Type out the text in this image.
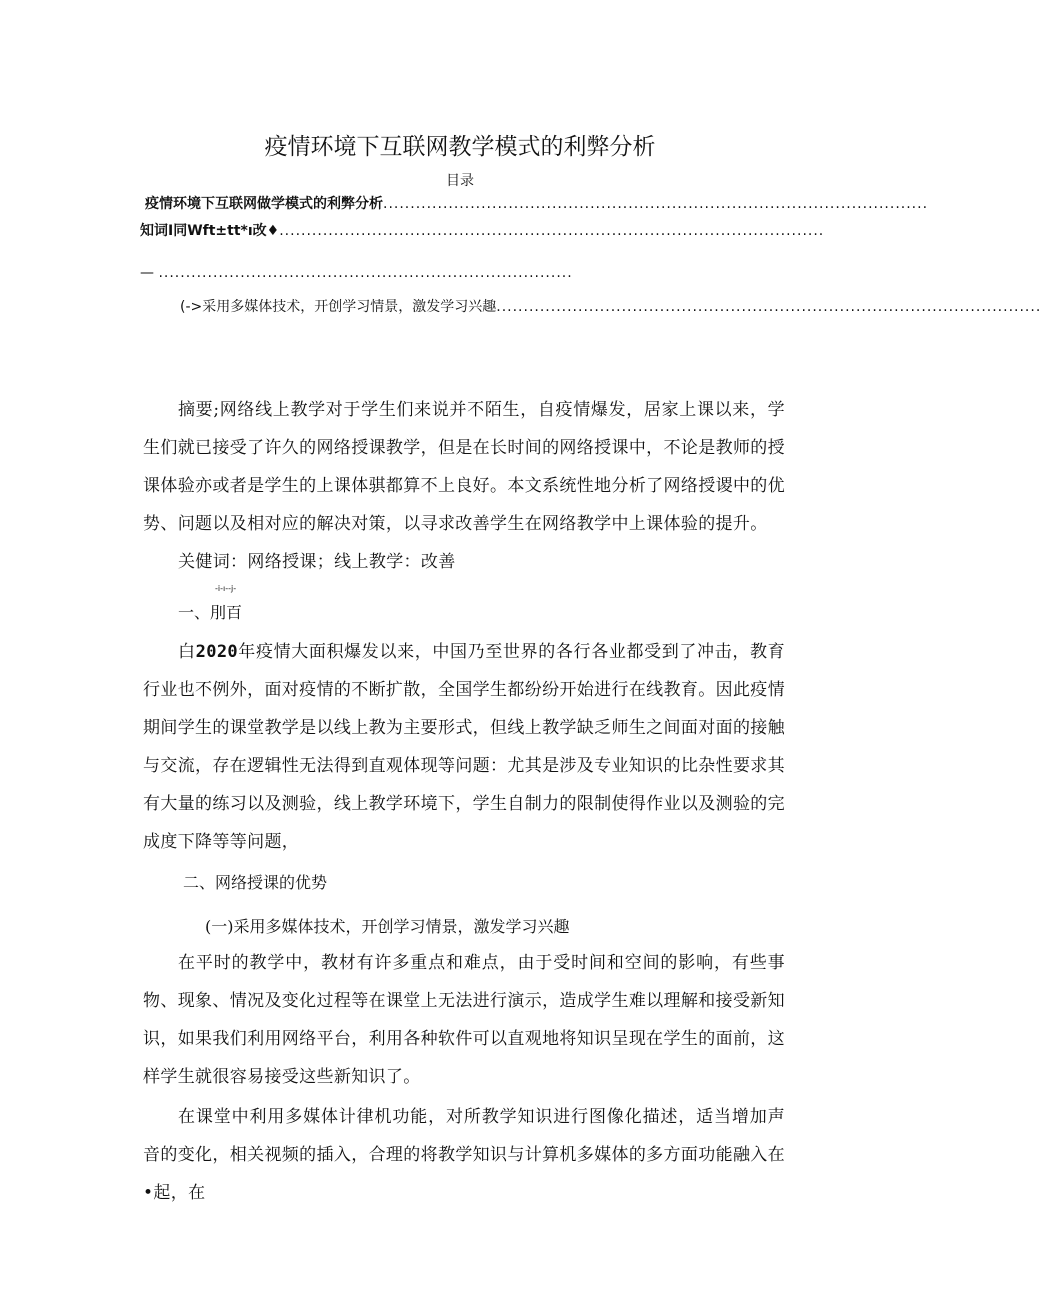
疫情环境下互联网教学模式的利弊分析
目录
疫情环境下互联网做学模式的利弊分析....................................................................................................
知词I同Wft±tt*ı改♦....................................................................................................
— ............................................................................
(->采用多媒体技术，开创学习情景，激发学习兴趣....................................................................................................
摘要;网络线上教学对于学生们来说并不陌生，自疫情爆发，居家上课以来，学生们就已接受了许久的网络授课教学，但是在长时间的网络授课中，不论是教师的授课体验亦或者是学生的上课体骐都算不上良好。本文系统性地分析了网络授谡中的优势、问题以及相对应的解决对策，以寻求改善学生在网络教学中上课体验的提升。
关健词：网络授课；线上教学：改善
一、刖百
-i-ı--j-
白2020年疫情大面积爆发以来，中国乃至世界的各行各业都受到了冲击，教育行业也不例外，面对疫情的不断扩散，全国学生都纷纷开始进行在线教育。因此疫情期间学生的课堂教学是以线上教为主要形式，但线上教学缺乏师生之间面对面的接触与交流，存在逻辑性无法得到直观体现等问题：尤其是涉及专业知识的比杂性要求其有大量的练习以及测验，线上教学环境下，学生自制力的限制使得作业以及测验的完成度下降等等问题，
二、网络授课的优势
(一)采用多媒体技术，开创学习情景，激发学习兴趣
在平时的教学中，教材有许多重点和难点，由于受时间和空间的影响，有些事物、现象、情况及变化过程等在课堂上无法进行演示，造成学生难以理解和接受新知识，如果我们利用网络平台，利用各种软件可以直观地将知识呈现在学生的面前，这样学生就很容易接受这些新知识了。
在课堂中利用多媒体计律机功能，对所教学知识进行图像化描述，适当增加声音的变化，相关视频的插入，合理的将教学知识与计算机多媒体的多方面功能融入在•起，在
